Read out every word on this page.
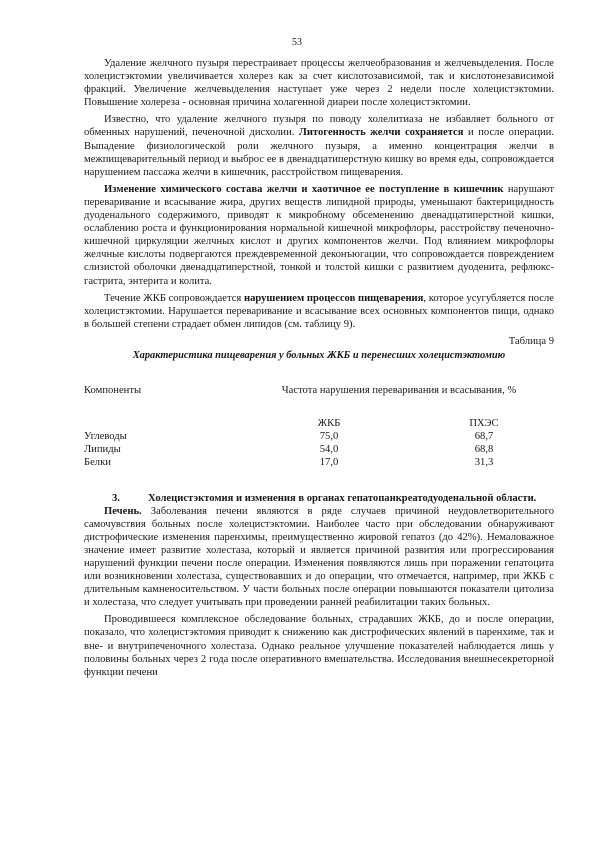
53

Удаление желчного пузыря перестраивает процессы желчеобразования и желчевыделения. После холецистэктомии увеличивается холерез как за счет кислотозависимой, так и кислотонезависимой фракций. Увеличение желчевыделения наступает уже через 2 недели после холецистэктомии. Повышение холереза - основная причина холагенной диареи после холецистэктомии.

Известно, что удаление желчного пузыря по поводу холелитиаза не избавляет больного от обменных нарушений, печеночной дисхолии. Литогенность желчи сохраняется и после операции. Выпадение физиологической роли желчного пузыря, а именно концентрация желчи в межпищеварительный период и выброс ее в двенадцатиперстную кишку во время еды, сопровождается нарушением пассажа желчи в кишечник, расстройством пищеварения.

Изменение химического состава желчи и хаотичное ее поступление в кишечник нарушают переваривание и всасывание жира, других веществ липидной природы, уменьшают бактерицидность дуоденального содержимого, приводят к микробному обсеменению двенадцатиперстной кишки, ослаблению роста и функционирования нормальной кишечной микрофлоры, расстройству печеночно-кишечной циркуляции желчных кислот и других компонентов желчи. Под влиянием микрофлоры желчные кислоты подвергаются преждевременной деконъюгации, что сопровождается повреждением слизистой оболочки двенадцатиперстной, тонкой и толстой кишки с развитием дуоденита, рефлюкс-гастрита, энтерита и колита.

Течение ЖКБ сопровождается нарушением процессов пищеварения, которое усугубляется после холецистэктомии. Нарушается переваривание и всасывание всех основных компонентов пищи, однако в большей степени страдает обмен липидов (см. таблицу 9).

Таблица 9
Характеристика пищеварения у больных ЖКБ и перенесших холецистэктомию
Компоненты	Частота нарушения переваривания и всасывания, %	

	ЖКБ	ПХЭС
Углеводы	75,0	68,7
Липиды	54,0	68,8
Белки	17,0	31,3
3.	Холецистэктомия и изменения в органах гепатопанкреатодуоденальной области.

Печень. Заболевания печени являются в ряде случаев причиной неудовлетворительного самочувствия больных после холецистэктомии. Наиболее часто при обследовании обнаруживают дистрофические изменения паренхимы, преимущественно жировой гепатоз (до 42%). Немаловажное значение имеет развитие холестаза, который и является причиной развития или прогрессирования нарушений функции печени после операции. Изменения появляются лишь при поражении гепатоцита или возникновении холестаза, существовавших и до операции, что отмечается, например, при ЖКБ с длительным камненосительством. У части больных после операции повышаются показатели цитолиза и холестаза, что следует учитывать при проведении ранней реабилитации таких больных.

Проводившееся комплексное обследование больных, страдавших ЖКБ, до и после операции, показало, что холецистэктомия приводит к снижению как дистрофических явлений в паренхиме, так и вне- и внутрипеченочного холестаза. Однако реальное улучшение показателей наблюдается лишь у половины больных через 2 года после оперативного вмешательства. Исследования внешнесекреторной функции печени
